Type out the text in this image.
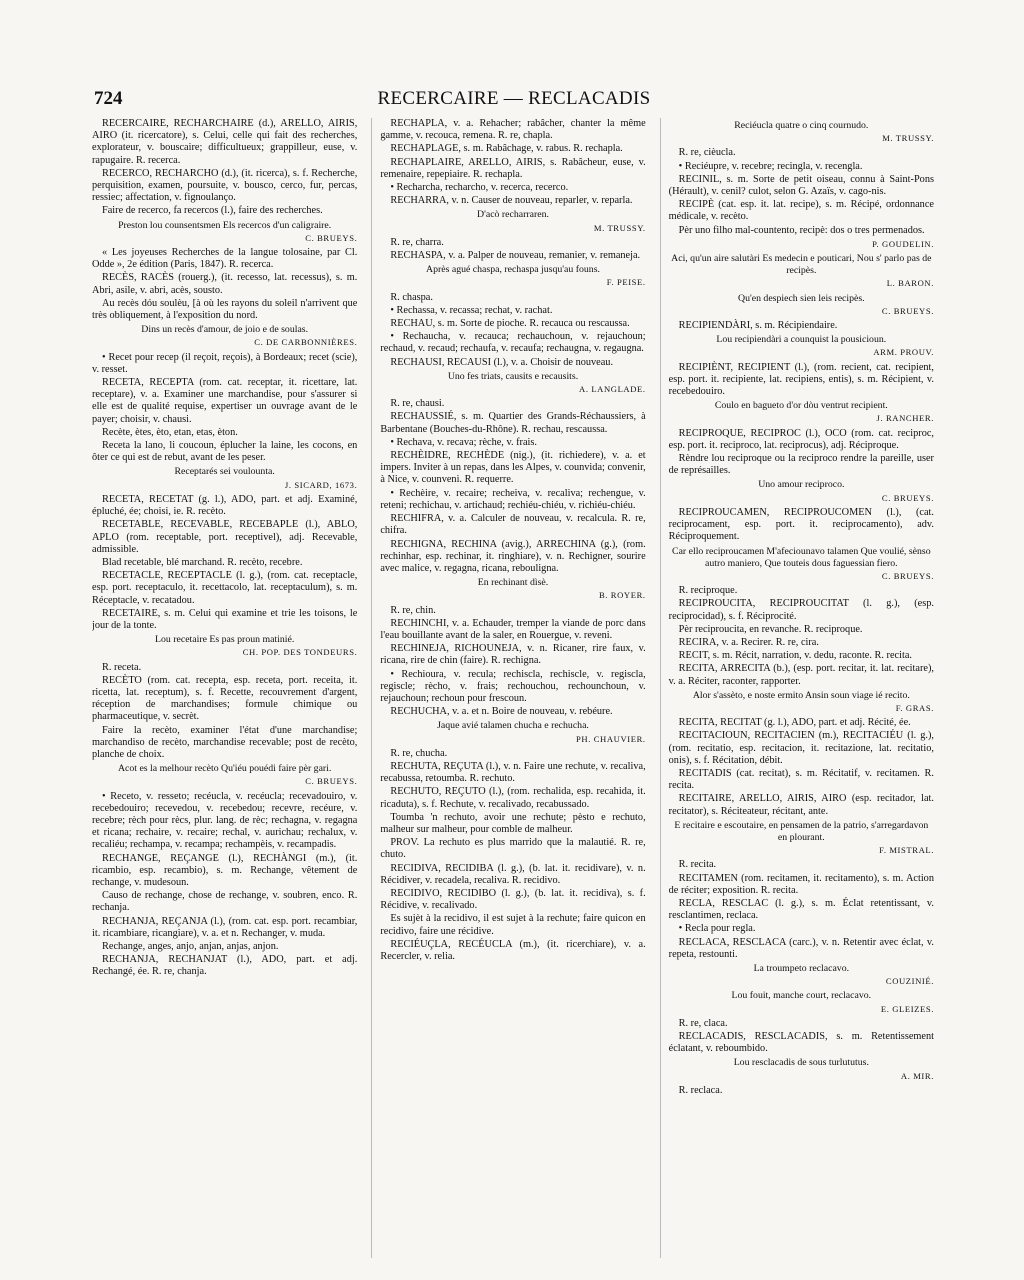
724	RECERCAIRE — RECLACADIS

RECERCAIRE, RECHARCHAIRE (d.), ARELLO, AIRIS, AIRO (it. ricercatore), s. Celui, celle qui fait des recherches, explorateur, v. bouscaire; difficultueux; grappilleur, euse, v. rapugaire. R. recerca.

RECERCO, RECHARCHO (d.), (it. ricerca), s. f. Recherche, perquisition, examen, poursuite, v. bousco, cerco, fur, percas, ressiec; affectation, v. fignoulanço.

Faire de recerco, fa recercos (l.), faire des recherches.

Preston lou counsentsmen Els recercos d'un caligraire.

C. BRUEYS.

« Les joyeuses Recherches de la langue tolosaine, par Cl. Odde », 2e édition (Paris, 1847). R. recerca.

RECÈS, RACÈS (rouerg.), (it. recesso, lat. recessus), s. m. Abri, asile, v. abri, acès, sousto.

Au recès dóu soulèu, [à où les rayons du soleil n'arrivent que très obliquement, à l'exposition du nord.

Dins un recès d'amour, de joio e de soulas.

C. DE CARBONNIÈRES.

• Recet pour recep (il reçoit, reçois), à Bordeaux; recet (scie), v. resset.

RECETA, RECEPTA (rom. cat. receptar, it. ricettare, lat. receptare), v. a. Examiner une marchandise, pour s'assurer si elle est de qualité requise, expertiser un ouvrage avant de le payer; choisir, v. chausi.

Recète, ètes, èto, etan, etas, èton.

Receta la lano, li coucoun, éplucher la laine, les cocons, en ôter ce qui est de rebut, avant de les peser.

Receptarés sei voulounta.

J. SICARD, 1673.

RECETA, RECETAT (g. l.), ADO, part. et adj. Examiné, épluché, ée; choisi, ie. R. recèto.

RECETABLE, RECEVABLE, RECEBAPLE (l.), ABLO, APLO (rom. receptable, port. receptivel), adj. Recevable, admissible.

Blad recetable, blé marchand. R. recèto, recebre.

RECETACLE, RECEPTACLE (l. g.), (rom. cat. receptacle, esp. port. receptaculo, it. recettacolo, lat. receptaculum), s. m. Réceptacle, v. recatadou.

RECETAIRE, s. m. Celui qui examine et trie les toisons, le jour de la tonte.

Lou recetaire Es pas proun matinié.

CH. POP. DES TONDEURS.

R. receta.

RECÈTO (rom. cat. recepta, esp. receta, port. receita, it. ricetta, lat. receptum), s. f. Recette, recouvrement d'argent, réception de marchandises; formule chimique ou pharmaceutique, v. secrèt.

Faire la recèto, examiner l'état d'une marchandise; marchandiso de recèto, marchandise recevable; post de recèto, planche de choix.

Acot es la melhour recèto Qu'iéu pouédi faire pèr gari.

C. BRUEYS.

• Receto, v. resseto; recéucla, v. recéucla; recevadouiro, v. recebedouiro; recevedou, v. recebedou; recevre, recéure, v. recebre; rèch pour rècs, plur. lang. de rèc; rechagna, v. regagna et ricana; rechaire, v. recaire; rechal, v. aurichau; rechalux, v. recaliéu; rechampa, v. recampa; rechampèis, v. recampadis.

RECHANGE, REÇANGE (l.), RECHÀNGI (m.), (it. ricambio, esp. recambio), s. m. Rechange, vêtement de rechange, v. mudesoun.

Causo de rechange, chose de rechange, v. soubren, enco. R. rechanja.

RECHANJA, REÇANJA (l.), (rom. cat. esp. port. recambiar, it. ricambiare, ricangiare), v. a. et n. Rechanger, v. muda.

Rechange, anges, anjo, anjan, anjas, anjon.

RECHANJA, RECHANJAT (l.), ADO, part. et adj. Rechangé, ée. R. re, chanja.

RECHAPLA, v. a. Rehacher; rabâcher, chanter la même gamme, v. recouca, remena. R. re, chapla.

RECHAPLAGE, s. m. Rabâchage, v. rabus. R. rechapla.

RECHAPLAIRE, ARELLO, AIRIS, s. Rabâcheur, euse, v. remenaire, repepiaire. R. rechapla.

• Recharcha, recharcho, v. recerca, recerco.

RECHARRA, v. n. Causer de nouveau, reparler, v. reparla.

D'acò recharraren.

M. TRUSSY.

R. re, charra.

RECHASPA, v. a. Palper de nouveau, remanier, v. remaneja.

Après agué chaspa, rechaspa jusqu'au founs.

F. PEISE.

R. chaspa.

• Rechassa, v. recassa; rechat, v. rachat.

RECHAU, s. m. Sorte de pioche. R. recauca ou rescaussa.

• Rechaucha, v. recauca; rechauchoun, v. rejauchoun; rechaud, v. recaud; rechaufa, v. recaufa; rechaugna, v. regaugna.

RECHAUSI, RECAUSI (l.), v. a. Choisir de nouveau.

Uno fes triats, causits e recausits.

A. LANGLADE.

R. re, chausi.

RECHAUSSIÉ, s. m. Quartier des Grands-Réchaussiers, à Barbentane (Bouches-du-Rhône). R. rechau, rescaussa.

• Rechava, v. recava; rèche, v. frais.

RECHÈIDRE, RECHÈDE (nig.), (it. richiedere), v. a. et impers. Inviter à un repas, dans les Alpes, v. counvida; convenir, à Nice, v. counveni. R. requerre.

• Rechèire, v. recaire; recheiva, v. recaliva; rechengue, v. reteni; rechichau, v. artichaud; rechiéu-chiéu, v. richiéu-chiéu.

RECHIFRA, v. a. Calculer de nouveau, v. recalcula. R. re, chifra.

RECHIGNA, RECHINA (avig.), ARRECHINA (g.), (rom. rechinhar, esp. rechinar, it. ringhiare), v. n. Rechigner, sourire avec malice, v. regagna, ricana, rebouligna.

En rechinant dìsè.

B. ROYER.

R. re, chin.

RECHINCHI, v. a. Echauder, tremper la viande de porc dans l'eau bouillante avant de la saler, en Rouergue, v. reveni.

RECHINEJA, RICHOUNEJA, v. n. Ricaner, rire faux, v. ricana, rire de chin (faire). R. rechigna.

• Rechioura, v. recula; rechiscla, rechiscle, v. regiscla, regiscle; rècho, v. frais; rechouchou, rechounchoun, v. rejauchoun; rechoun pour frescoun.

RECHUCHA, v. a. et n. Boire de nouveau, v. rebéure.

Jaque avié talamen chucha e rechucha.

PH. CHAUVIER.

R. re, chucha.

RECHUTA, REÇUTA (l.), v. n. Faire une rechute, v. recaliva, recabussa, retoumba. R. rechuto.

RECHUTO, REÇUTO (l.), (rom. rechalida, esp. recahida, it. ricaduta), s. f. Rechute, v. recalivado, recabussado.

Toumba 'n rechuto, avoir une rechute; pèsto e rechuto, malheur sur malheur, pour comble de malheur.

PROV. La rechuto es plus marrido que la malautié. R. re, chuto.

RECIDIVA, RECIDIBA (l. g.), (b. lat. it. recidivare), v. n. Récidiver, v. recadela, recaliva. R. recidivo.

RECIDIVO, RECIDIBO (l. g.), (b. lat. it. recidiva), s. f. Récidive, v. recalivado.

Es sujèt à la recidivo, il est sujet à la rechute; faire quicon en recidivo, faire une récidive.

RECIÉUÇLA, RECÉUCLA (m.), (it. ricerchiare), v. a. Recercler, v. relia.

Reciéucla quatre o cinq cournudo.

M. TRUSSY.

R. re, cièucla.

• Reciéupre, v. recebre; recingla, v. recengla.

RECINIL, s. m. Sorte de petit oiseau, connu à Saint-Pons (Hérault), v. cenil? culot, selon G. Azaïs, v. cago-nis.

RECIPÈ (cat. esp. it. lat. recipe), s. m. Récipé, ordonnance médicale, v. recèto.

Pèr uno filho mal-countento, recipè: dos o tres permenados.

P. GOUDELIN.

Aci, qu'un aire salutàri Es medecin e pouticari, Nou s' parlo pas de recipès.

L. BARON.

Qu'en despiech sien leis recipès.

C. BRUEYS.

RECIPIENDÀRI, s. m. Récipiendaire.

Lou recipiendàri a counquist la pousicioun.

ARM. PROUV.

RECIPIÈNT, RECIPIENT (l.), (rom. recient, cat. recipient, esp. port. it. recipiente, lat. recipiens, entis), s. m. Récipient, v. recebedouiro.

Coulo en bagueto d'or dòu ventrut recipient.

J. RANCHER.

RECIPROQUE, RECIPROC (l.), OCO (rom. cat. reciproc, esp. port. it. reciproco, lat. reciprocus), adj. Réciproque.

Rèndre lou reciproque ou la reciproco rendre la pareille, user de représailles.

Uno amour reciproco.

C. BRUEYS.

RECIPROUCAMEN, RECIPROUCOMEN (l.), (cat. reciprocament, esp. port. it. reciprocamento), adv. Réciproquement.

Car ello reciproucamen M'afeciounavo talamen Que voulié, sènso autro maniero, Que touteis dous faguessian fiero.

C. BRUEYS.

R. reciproque.

RECIPROUCITA, RECIPROUCITAT (l. g.), (esp. reciprocidad), s. f. Réciprocité.

Pèr reciproucita, en revanche. R. reciproque.

RECIRA, v. a. Recirer. R. re, cira.

RECIT, s. m. Récit, narration, v. dedu, raconte. R. recita.

RECITA, ARRECITA (b.), (esp. port. recitar, it. lat. recitare), v. a. Réciter, raconter, rapporter.

Alor s'assèto, e noste ermito Ansin soun viage ié recito.

F. GRAS.

RECITA, RECITAT (g. l.), ADO, part. et adj. Récité, ée.

RECITACIOUN, RECITACIEN (m.), RECITACIÉU (l. g.), (rom. recitatio, esp. recitacion, it. recitazione, lat. recitatio, onis), s. f. Récitation, débit.

RECITADIS (cat. recitat), s. m. Récitatif, v. recitamen. R. recita.

RECITAIRE, ARELLO, AIRIS, AIRO (esp. recitador, lat. recitator), s. Réciteateur, récitant, ante.

E recitaire e escoutaire, en pensamen de la patrio, s'arregardavon en plourant.

F. MISTRAL.

R. recita.

RECITAMEN (rom. recitamen, it. recitamento), s. m. Action de réciter; exposition. R. recita.

RECLA, RESCLAC (l. g.), s. m. Éclat retentissant, v. resclantimen, reclaca.

• Recla pour regla.

RECLACA, RESCLACA (carc.), v. n. Retentir avec éclat, v. repeta, restounti.

La troumpeto reclacavo.

COUZINIÉ.

Lou fouit, manche court, reclacavo.

E. GLEIZES.

R. re, claca.

RECLACADIS, RESCLACADIS, s. m. Retentissement éclatant, v. reboumbido.

Lou resclacadis de sous turlututus.

A. MIR.

R. reclaca.
